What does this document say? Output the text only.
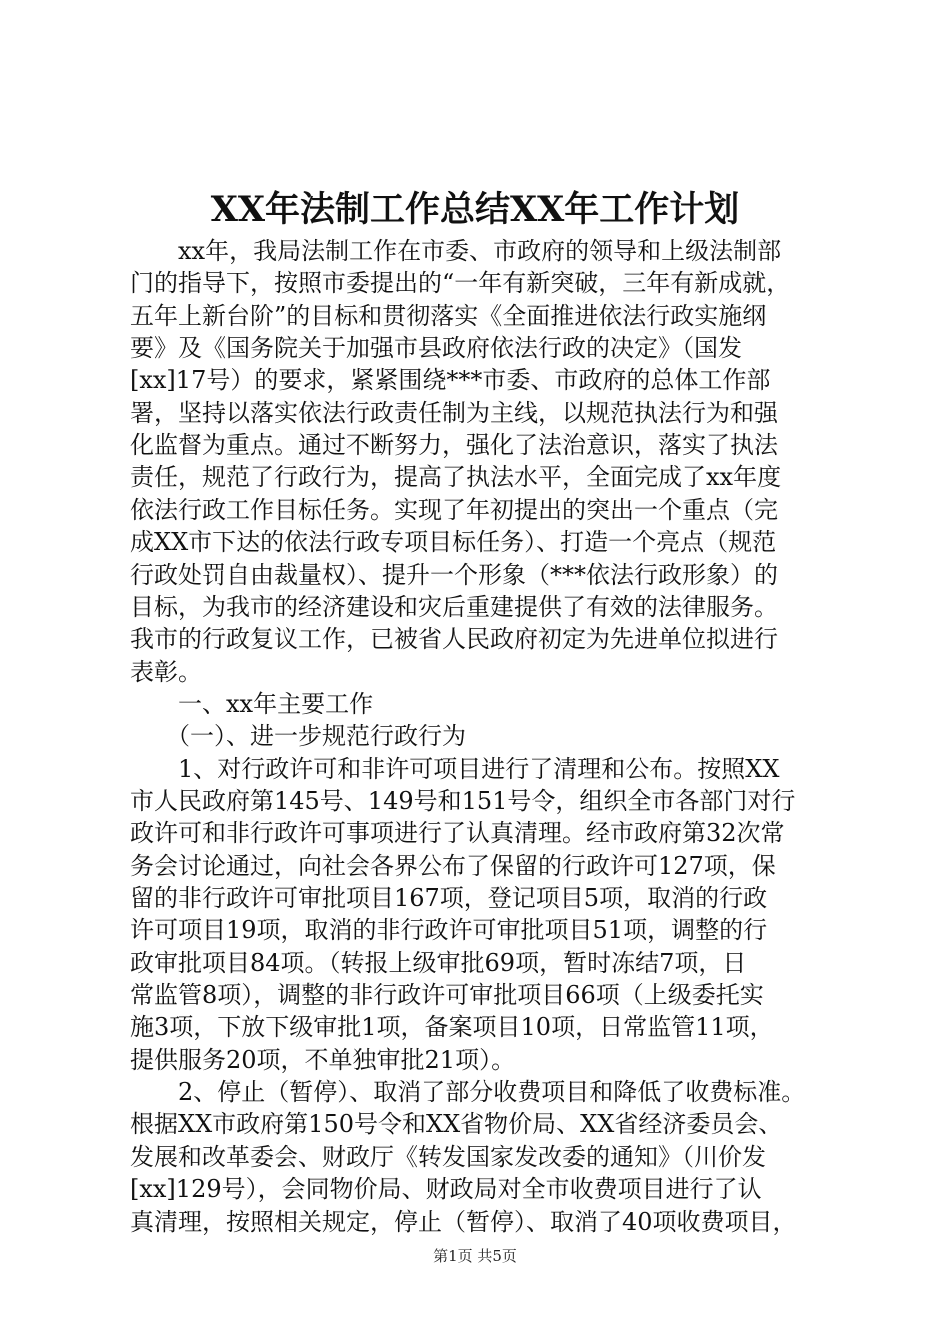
XX年法制工作总结XX年工作计划
　　xx年，我局法制工作在市委、市政府的领导和上级法制部
门的指导下，按照市委提出的“一年有新突破，三年有新成就，
五年上新台阶”的目标和贯彻落实《全面推进依法行政实施纲
要》及《国务院关于加强市县政府依法行政的决定》（国发
[xx]17号）的要求，紧紧围绕***市委、市政府的总体工作部
署，坚持以落实依法行政责任制为主线，以规范执法行为和强
化监督为重点。通过不断努力，强化了法治意识，落实了执法
责任，规范了行政行为，提高了执法水平，全面完成了xx年度
依法行政工作目标任务。实现了年初提出的突出一个重点（完
成XX市下达的依法行政专项目标任务）、打造一个亮点（规范
行政处罚自由裁量权）、提升一个形象（***依法行政形象）的
目标，为我市的经济建设和灾后重建提供了有效的法律服务。
我市的行政复议工作，已被省人民政府初定为先进单位拟进行
表彰。
　　一、xx年主要工作
　　（一）、进一步规范行政行为
　　1、对行政许可和非许可项目进行了清理和公布。按照XX
市人民政府第145号、149号和151号令，组织全市各部门对行
政许可和非行政许可事项进行了认真清理。经市政府第32次常
务会讨论通过，向社会各界公布了保留的行政许可127项，保
留的非行政许可审批项目167项，登记项目5项，取消的行政
许可项目19项，取消的非行政许可审批项目51项，调整的行
政审批项目84项。（转报上级审批69项，暂时冻结7项，日
常监管8项），调整的非行政许可审批项目66项（上级委托实
施3项，下放下级审批1项，备案项目10项，日常监管11项，
提供服务20项，不单独审批21项）。
　　2、停止（暂停）、取消了部分收费项目和降低了收费标准。
根据XX市政府第150号令和XX省物价局、XX省经济委员会、
发展和改革委会、财政厅《转发国家发改委的通知》（川价发
[xx]129号），会同物价局、财政局对全市收费项目进行了认
真清理，按照相关规定，停止（暂停）、取消了40项收费项目，
第1页 共5页
